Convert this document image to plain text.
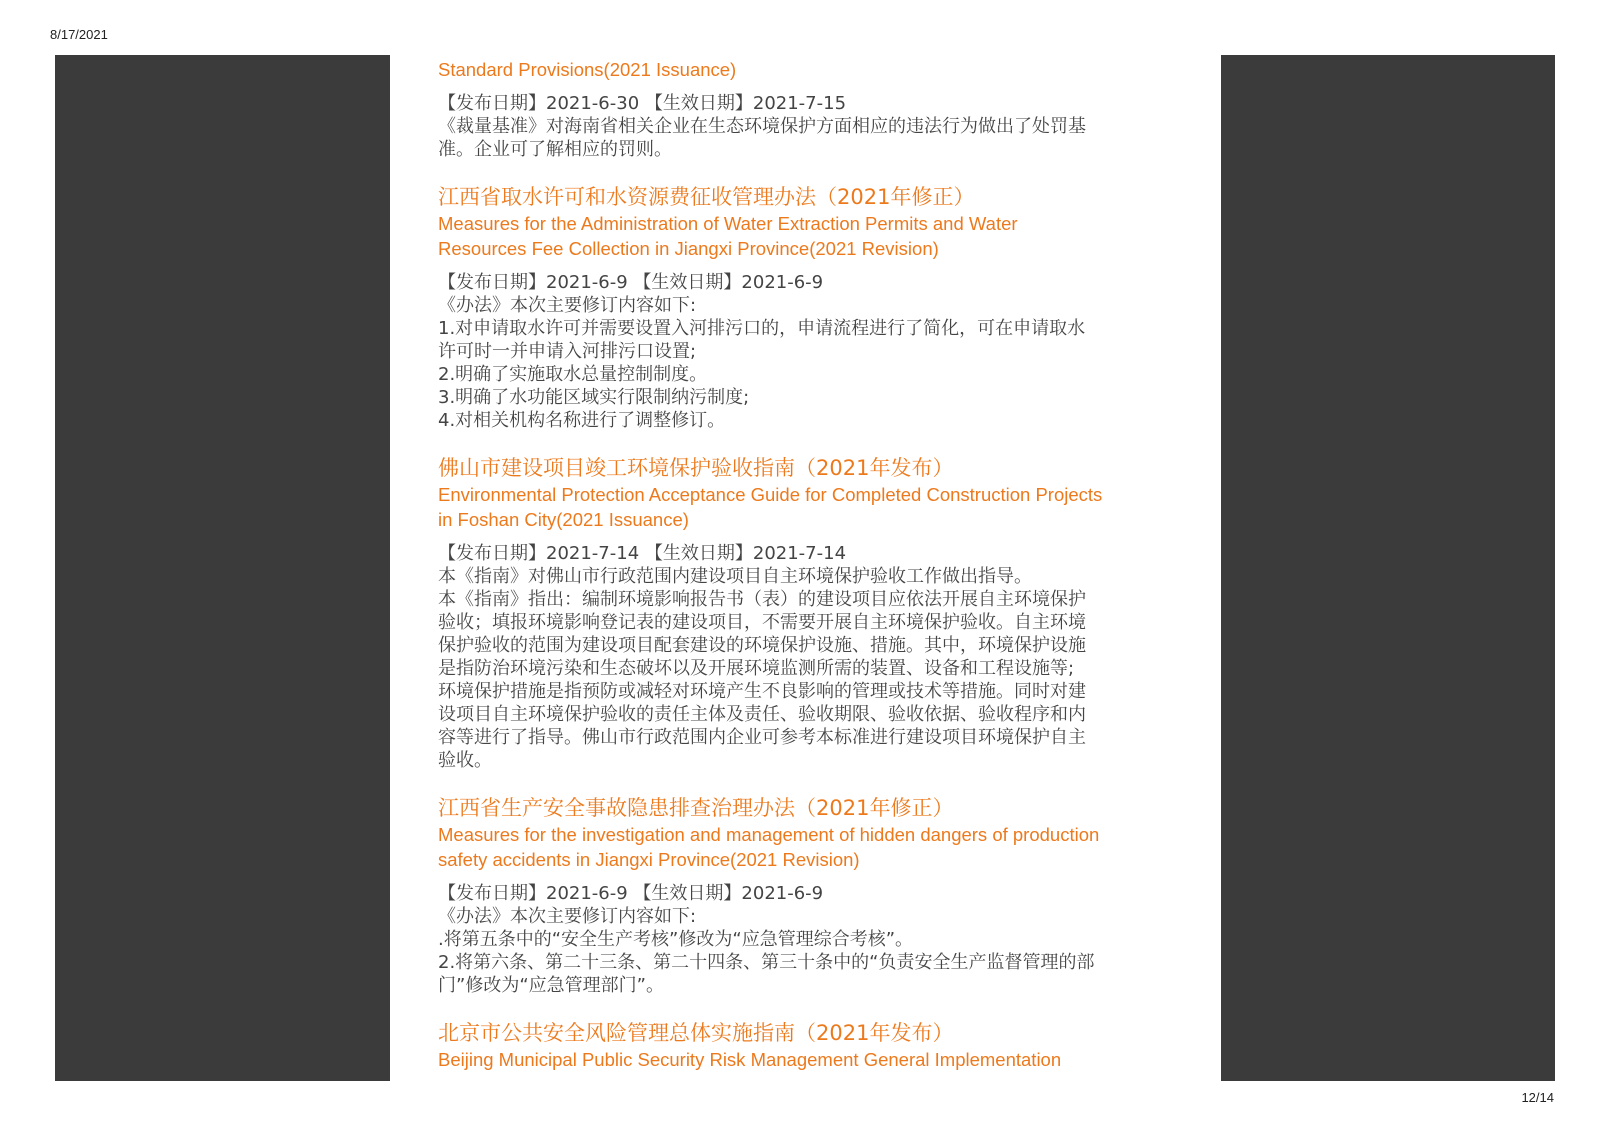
8/17/2021

Standard Provisions(2021 Issuance)

【发布日期】2021-6-30 【生效日期】2021-7-15

《裁量基准》对海南省相关企业在生态环境保护方面相应的违法行为做出了处罚基

准。企业可了解相应的罚则。

江西省取水许可和水资源费征收管理办法（2021年修正）

Measures for the Administration of Water Extraction Permits and Water

Resources Fee Collection in Jiangxi Province(2021 Revision)

【发布日期】2021-6-9 【生效日期】2021-6-9

《办法》本次主要修订内容如下:

1.对申请取水许可并需要设置入河排污口的，申请流程进行了简化，可在申请取水

许可时一并申请入河排污口设置;

2.明确了实施取水总量控制制度。

3.明确了水功能区域实行限制纳污制度;

4.对相关机构名称进行了调整修订。

佛山市建设项目竣工环境保护验收指南（2021年发布）

Environmental Protection Acceptance Guide for Completed Construction Projects

in Foshan City(2021 Issuance)

【发布日期】2021-7-14 【生效日期】2021-7-14

本《指南》对佛山市行政范围内建设项目自主环境保护验收工作做出指导。

本《指南》指出：编制环境影响报告书（表）的建设项目应依法开展自主环境保护

验收；填报环境影响登记表的建设项目，不需要开展自主环境保护验收。自主环境

保护验收的范围为建设项目配套建设的环境保护设施、措施。其中，环境保护设施

是指防治环境污染和生态破坏以及开展环境监测所需的装置、设备和工程设施等;

环境保护措施是指预防或减轻对环境产生不良影响的管理或技术等措施。同时对建

设项目自主环境保护验收的责任主体及责任、验收期限、验收依据、验收程序和内

容等进行了指导。佛山市行政范围内企业可参考本标准进行建设项目环境保护自主

验收。

江西省生产安全事故隐患排查治理办法（2021年修正）

Measures for the investigation and management of hidden dangers of production

safety accidents in Jiangxi Province(2021 Revision)

【发布日期】2021-6-9 【生效日期】2021-6-9

《办法》本次主要修订内容如下:

.将第五条中的“安全生产考核”修改为“应急管理综合考核”。

2.将第六条、第二十三条、第二十四条、第三十条中的“负责安全生产监督管理的部

门”修改为“应急管理部门”。

北京市公共安全风险管理总体实施指南（2021年发布）

Beijing Municipal Public Security Risk Management General Implementation

12/14
